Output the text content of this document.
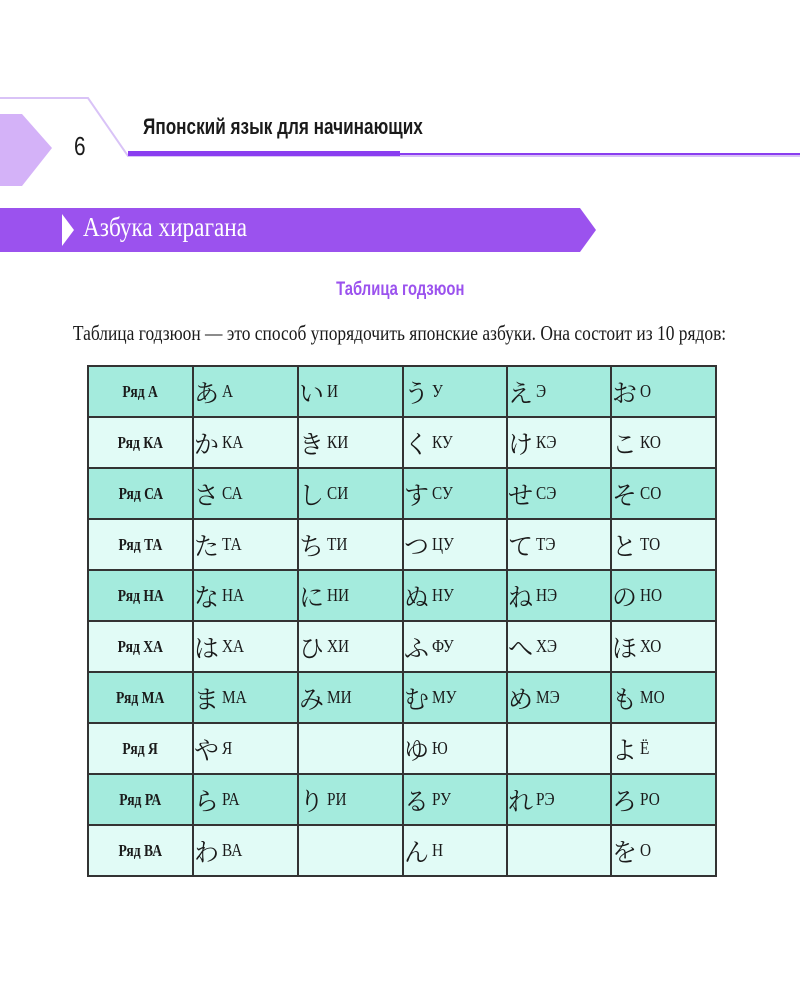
6
Японский язык для начинающих
Азбука хирагана
Таблица годзюон
Таблица годзюон — это способ упорядочить японские азбуки. Она состоит из 10 рядов:
Ряд А	あ А	い И	う У	え Э	お О
Ряд КА	か КА	き КИ	く КУ	け КЭ	こ КО
Ряд СА	さ СА	し СИ	す СУ	せ СЭ	そ СО
Ряд ТА	た ТА	ち ТИ	つ ЦУ	て ТЭ	と ТО
Ряд НА	な НА	に НИ	ぬ НУ	ね НЭ	の НО
Ряд ХА	は ХА	ひ ХИ	ふ ФУ	へ ХЭ	ほ ХО
Ряд МА	ま МА	み МИ	む МУ	め МЭ	も МО
Ряд Я	や Я		ゆ Ю		よ Ё
Ряд РА	ら РА	り РИ	る РУ	れ РЭ	ろ РО
Ряд ВА	わ ВА		ん Н		を О
